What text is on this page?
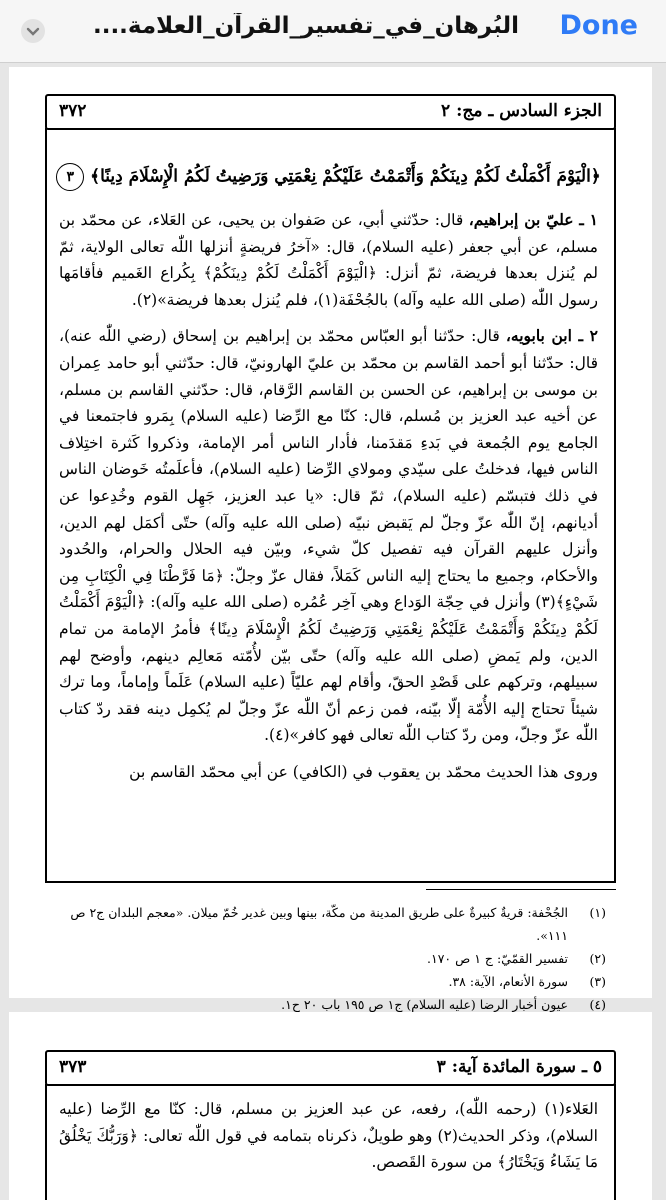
البُرهان_في_تفسير_القرآن_العلامة....	Done
الجزء السادس ـ مج: ٢
٣٧٢
﴿الْيَوْمَ أَكْمَلْتُ لَكُمْ دِينَكُمْ وَأَتْمَمْتُ عَلَيْكُمْ نِعْمَتِي وَرَضِيتُ لَكُمُ الْإِسْلَامَ دِينًا﴾ ٣

١ ـ عليّ بن إبراهيم، قال: حدّثني أبي، عن صَفوان بن يحيى، عن العَلاء، عن محمّد بن مسلم، عن أبي جعفر (عليه السلام)، قال: «آخرُ فريضةٍ أنزلها اللّٰه تعالى الولاية، ثمّ لم يُنزل بعدها فريضة، ثمّ أنزل: ﴿الْيَوْمَ أَكْمَلْتُ لَكُمْ دِينَكُمْ﴾ بِكُراع الغَميم فأقامَها رسول اللّٰه (صلى الله عليه وآله) بالجُحْفَة(١)، فلم يُنزل بعدها فريضة»(٢).

٢ ـ ابن بابويه، قال: حدّثنا أبو العبّاس محمّد بن إبراهيم بن إسحاق (رضي اللّٰه عنه)، قال: حدّثنا أبو أحمد القاسم بن محمّد بن عليّ الهارونيّ، قال: حدّثني أبو حامد عِمران بن موسى بن إبراهيم، عن الحسن بن القاسم الرَّقام، قال: حدّثني القاسم بن مسلم، عن أخيه عبد العزيز بن مُسلم، قال: كنّا مع الرِّضا (عليه السلام) بِمَرو فاجتمعنا في الجامع يوم الجُمعة في بَدءِ مَقدَمنا، فأدار الناس أمر الإمامة، وذكروا كَثرة اختِلاف الناس فيها، فدخلتُ على سيّدي ومولاي الرِّضا (عليه السلام)، فأعلَمتُه خَوضان الناس في ذلك فتبسّم (عليه السلام)، ثمّ قال: «يا عبد العزيز، جَهِل القوم وخُدِعوا عن أديانهم، إنّ اللّٰه عزّ وجلّ لم يَقبض نبيّه (صلى الله عليه وآله) حتّى أكمَل لهم الدين، وأنزل عليهم القرآن فيه تفصيل كلّ شيء، وبيّن فيه الحلال والحرام، والحُدود والأحكام، وجميع ما يحتاج إليه الناس كَمَلاً، فقال عزّ وجلّ: ﴿مَا فَرَّطْنَا فِي الْكِتَابِ مِن شَيْءٍ﴾(٣) وأنزل في حِجّة الوَداع وهي آخِر عُمُره (صلى الله عليه وآله): ﴿الْيَوْمَ أَكْمَلْتُ لَكُمْ دِينَكُمْ وَأَتْمَمْتُ عَلَيْكُمْ نِعْمَتِي وَرَضِيتُ لَكُمُ الْإِسْلَامَ دِينًا﴾ فأمرُ الإمامة من تمام الدين، ولم يَمضِ (صلى الله عليه وآله) حتّى بيّن لأُمّته مَعالِم دينهم، وأوضح لهم سبيلهم، وتركهم على قَصْدِ الحقّ، وأقام لهم عليّاً (عليه السلام) عَلَماً وإماماً، وما ترك شيئاً تحتاج إليه الأُمّة إلّا بيّنه، فمن زعم أنّ اللّٰه عزّ وجلّ لم يُكمِل دينه فقد ردّ كتاب اللّٰه عزّ وجلّ، ومن ردّ كتاب اللّٰه تعالى فهو كافر»(٤).

وروى هذا الحديث محمّد بن يعقوب في (الكافي) عن أبي محمّد القاسم بن

(١)
الجُحْفة: قريةٌ كبيرةٌ على طريق المدينة من مكّة، بينها وبين غدير خُمّ ميلان. «معجم البلدان ج٢ ص ١١١».
(٢)
تفسير القمّيّ: ج ١ ص ١٧٠.
(٣)
سورة الأنعام، الآية: ٣٨.
(٤)
عيون أخبار الرضا (عليه السلام) ج١ ص ١٩٥ باب ٢٠ ح١.
٥ ـ سورة المائدة آية: ٣
٣٧٣

العَلاء(١) (رحمه اللّٰه)، رفعه، عن عبد العزيز بن مسلم، قال: كنّا مع الرِّضا (عليه السلام)، وذكر الحديث(٢) وهو طويلٌ، ذكرناه بتمامه في قول اللّٰه تعالى: ﴿وَرَبُّكَ يَخْلُقُ مَا يَشَاءُ وَيَخْتَارُ﴾ من سورة القَصص.
